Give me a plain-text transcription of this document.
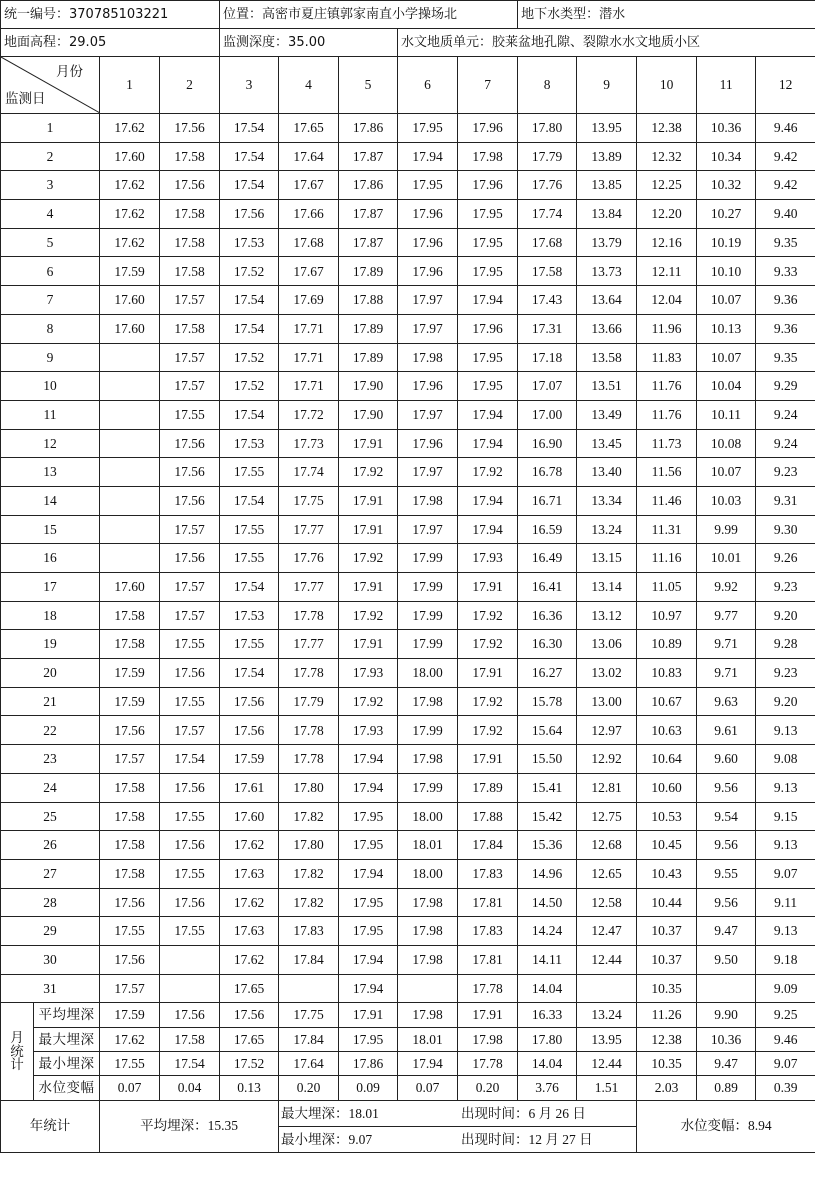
统一编号：370785103221				位置：高密市夏庄镇郭家南直小学操场北					地下水类型：潜水				
地面高程：29.05				监测深度：35.00			水文地质单元：胶莱盆地孔隙、裂隙水水文地质小区						

月份
监测日		1	2	3	4	5	6	7	8	9	10	11	12
1		17.62	17.56	17.54	17.65	17.86	17.95	17.96	17.80	13.95	12.38	10.36	9.46
2		17.60	17.58	17.54	17.64	17.87	17.94	17.98	17.79	13.89	12.32	10.34	9.42
3		17.62	17.56	17.54	17.67	17.86	17.95	17.96	17.76	13.85	12.25	10.32	9.42
4		17.62	17.58	17.56	17.66	17.87	17.96	17.95	17.74	13.84	12.20	10.27	9.40
5		17.62	17.58	17.53	17.68	17.87	17.96	17.95	17.68	13.79	12.16	10.19	9.35
6		17.59	17.58	17.52	17.67	17.89	17.96	17.95	17.58	13.73	12.11	10.10	9.33
7		17.60	17.57	17.54	17.69	17.88	17.97	17.94	17.43	13.64	12.04	10.07	9.36
8		17.60	17.58	17.54	17.71	17.89	17.97	17.96	17.31	13.66	11.96	10.13	9.36
9			17.57	17.52	17.71	17.89	17.98	17.95	17.18	13.58	11.83	10.07	9.35
10			17.57	17.52	17.71	17.90	17.96	17.95	17.07	13.51	11.76	10.04	9.29
11			17.55	17.54	17.72	17.90	17.97	17.94	17.00	13.49	11.76	10.11	9.24
12			17.56	17.53	17.73	17.91	17.96	17.94	16.90	13.45	11.73	10.08	9.24
13			17.56	17.55	17.74	17.92	17.97	17.92	16.78	13.40	11.56	10.07	9.23
14			17.56	17.54	17.75	17.91	17.98	17.94	16.71	13.34	11.46	10.03	9.31
15			17.57	17.55	17.77	17.91	17.97	17.94	16.59	13.24	11.31	9.99	9.30
16			17.56	17.55	17.76	17.92	17.99	17.93	16.49	13.15	11.16	10.01	9.26
17		17.60	17.57	17.54	17.77	17.91	17.99	17.91	16.41	13.14	11.05	9.92	9.23
18		17.58	17.57	17.53	17.78	17.92	17.99	17.92	16.36	13.12	10.97	9.77	9.20
19		17.58	17.55	17.55	17.77	17.91	17.99	17.92	16.30	13.06	10.89	9.71	9.28
20		17.59	17.56	17.54	17.78	17.93	18.00	17.91	16.27	13.02	10.83	9.71	9.23
21		17.59	17.55	17.56	17.79	17.92	17.98	17.92	15.78	13.00	10.67	9.63	9.20
22		17.56	17.57	17.56	17.78	17.93	17.99	17.92	15.64	12.97	10.63	9.61	9.13
23		17.57	17.54	17.59	17.78	17.94	17.98	17.91	15.50	12.92	10.64	9.60	9.08
24		17.58	17.56	17.61	17.80	17.94	17.99	17.89	15.41	12.81	10.60	9.56	9.13
25		17.58	17.55	17.60	17.82	17.95	18.00	17.88	15.42	12.75	10.53	9.54	9.15
26		17.58	17.56	17.62	17.80	17.95	18.01	17.84	15.36	12.68	10.45	9.56	9.13
27		17.58	17.55	17.63	17.82	17.94	18.00	17.83	14.96	12.65	10.43	9.55	9.07
28		17.56	17.56	17.62	17.82	17.95	17.98	17.81	14.50	12.58	10.44	9.56	9.11
29		17.55	17.55	17.63	17.83	17.95	17.98	17.83	14.24	12.47	10.37	9.47	9.13
30		17.56		17.62	17.84	17.94	17.98	17.81	14.11	12.44	10.37	9.50	9.18
31		17.57		17.65		17.94		17.78	14.04		10.35		9.09
月
统
计	平均埋深	17.59	17.56	17.56	17.75	17.91	17.98	17.91	16.33	13.24	11.26	9.90	9.25
	最大埋深	17.62	17.58	17.65	17.84	17.95	18.01	17.98	17.80	13.95	12.38	10.36	9.46
	最小埋深	17.55	17.54	17.52	17.64	17.86	17.94	17.78	14.04	12.44	10.35	9.47	9.07
	水位变幅	0.07	0.04	0.13	0.20	0.09	0.07	0.20	3.76	1.51	2.03	0.89	0.39
年统计		平均埋深：15.35			最大埋深：18.01 出现时间：6 月 26 日
最小埋深：9.07 出现时间：12 月 27 日						水位变幅：8.94		
